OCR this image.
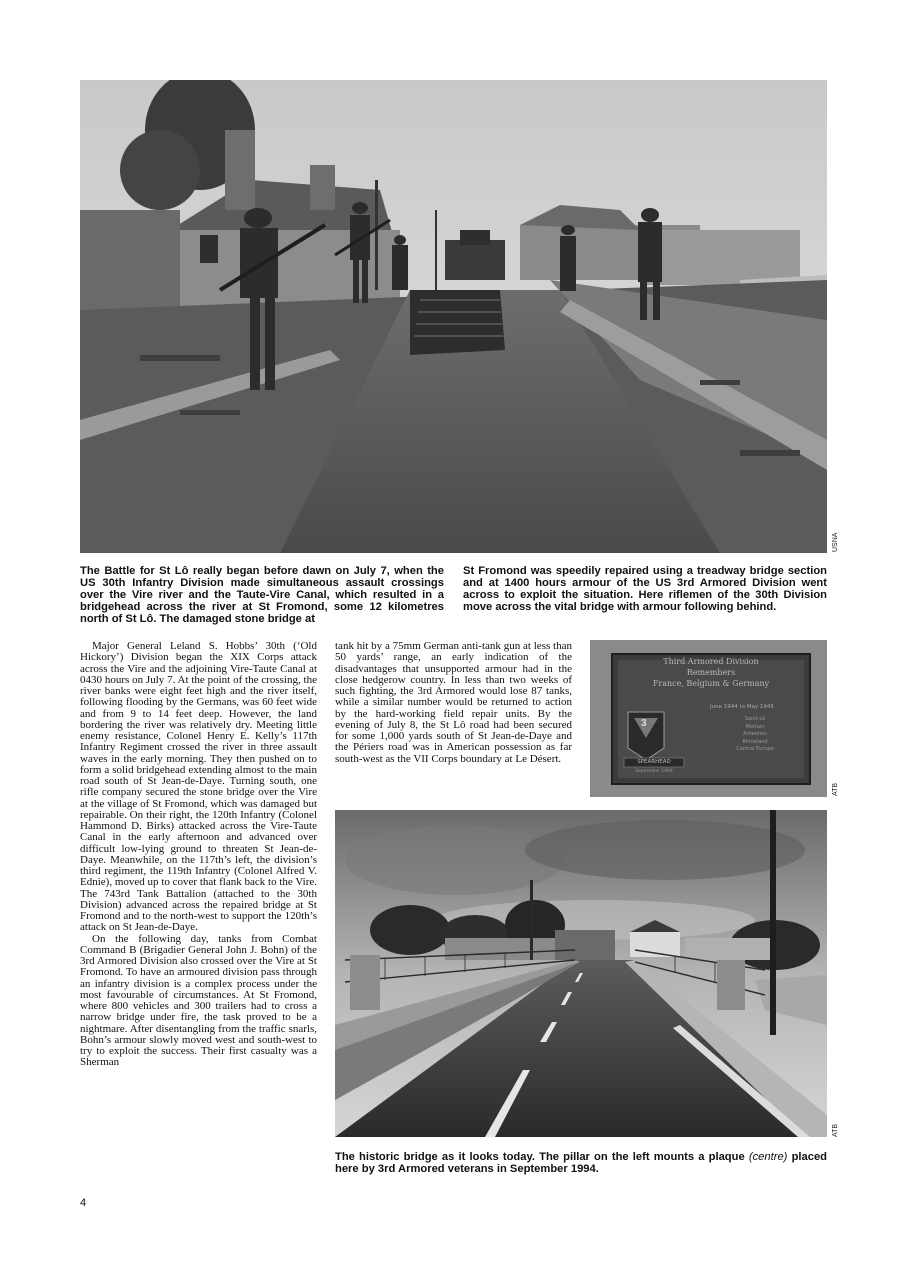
USNA

The Battle for St Lô really began before dawn on July 7, when the US 30th Infantry Division made simultaneous assault crossings over the Vire river and the Taute-Vire Canal, which resulted in a bridgehead across the river at St Fromond, some 12 kilometres north of St Lô. The damaged stone bridge at

St Fromond was speedily repaired using a treadway bridge section and at 1400 hours armour of the US 3rd Armored Division went across to exploit the situation. Here riflemen of the 30th Division move across the vital bridge with armour following behind.

Major General Leland S. Hobbs’ 30th (‘Old Hickory’) Division began the XIX Corps attack across the Vire and the adjoining Vire-Taute Canal at 0430 hours on July 7. At the point of the crossing, the river banks were eight feet high and the river itself, following flooding by the Germans, was 60 feet wide and from 9 to 14 feet deep. However, the land bordering the river was relatively dry. Meeting little enemy resistance, Colonel Henry E. Kelly’s 117th Infantry Regiment crossed the river in three assault waves in the early morning. They then pushed on to form a solid bridgehead extending almost to the main road south of St Jean-de-Daye. Turning south, one rifle company secured the stone bridge over the Vire at the village of St Fromond, which was damaged but repairable. On their right, the 120th Infantry (Colonel Hammond D. Birks) attacked across the Vire-Taute Canal in the early afternoon and advanced over difficult low-lying ground to threaten St Jean-de-Daye. Meanwhile, on the 117th’s left, the division’s third regiment, the 119th Infantry (Colonel Alfred V. Ednie), moved up to cover that flank back to the Vire. The 743rd Tank Battalion (attached to the 30th Division) advanced across the repaired bridge at St Fromond and to the north-west to support the 120th’s attack on St Jean-de-Daye.

On the following day, tanks from Combat Command B (Brigadier General John J. Bohn) of the 3rd Armored Division also crossed over the Vire at St Fromond. To have an armoured division pass through an infantry division is a complex process under the most favourable of circumstances. At St Fromond, where 800 vehicles and 300 trailers had to cross a narrow bridge under fire, the task proved to be a nightmare. After disentangling from the traffic snarls, Bohn’s armour slowly moved west and south-west to try to exploit the success. Their first casualty was a Sherman

tank hit by a 75mm German anti-tank gun at less than 50 yards’ range, an early indication of the disadvantages that unsupported armour had in the close hedgerow country. In less than two weeks of such fighting, the 3rd Armored would lose 87 tanks, while a similar number would be returned to action by the hard-working field repair units. By the evening of July 8, the St Lô road had been secured for some 1,000 yards south of St Jean-de-Daye and the Périers road was in American possession as far south-west as the VII Corps boundary at Le Désert.

Third Armored Division
Remembers
France, Belgium & Germany
3
June 1944 to May 1945
Saint-Lô
Mortain
Ardennes
Rhineland
Central Europe
SPEARHEAD
September 1994
ATB
ATB

The historic bridge as it looks today. The pillar on the left mounts a plaque (centre) placed here by 3rd Armored veterans in September 1994.

4
